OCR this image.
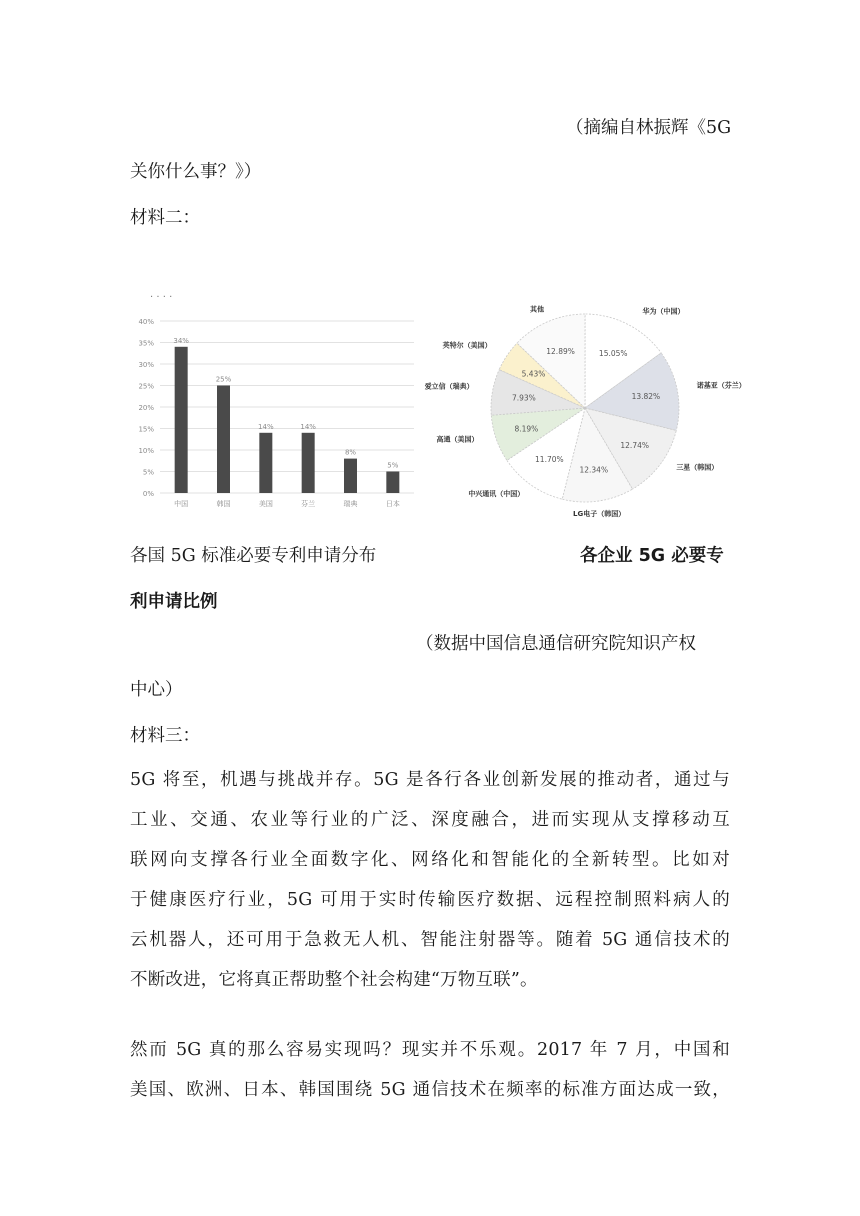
（摘编自林振辉《5G
关你什么事？》）
材料二：
· · · ·
0%
5%
10%
15%
20%
25%
30%
35%
40%
34%
中国
25%
韩国
14%
美国
14%
芬兰
8%
瑞典
5%
日本
15.05%
华为（中国）
13.82%
诺基亚（芬兰）
12.74%
三星（韩国）
12.34%
LG电子（韩国）
11.70%
中兴通讯（中国）
8.19%
高通（美国）
7.93%
爱立信（瑞典）
5.43%
英特尔（美国）
12.89%
其他
各国 5G 标准必要专利申请分布	各企业 5G 必要专
利申请比例
（数据中国信息通信研究院知识产权
中心）
材料三：
5G 将至，机遇与挑战并存。5G 是各行各业创新发展的推动者，通过与
工业、交通、农业等行业的广泛、深度融合，进而实现从支撑移动互
联网向支撑各行业全面数字化、网络化和智能化的全新转型。比如对
于健康医疗行业，5G 可用于实时传输医疗数据、远程控制照料病人的
云机器人，还可用于急救无人机、智能注射器等。随着 5G 通信技术的
不断改进，它将真正帮助整个社会构建“万物互联”。
然而 5G 真的那么容易实现吗？现实并不乐观。2017 年 7 月，中国和
美国、欧洲、日本、韩国围绕 5G 通信技术在频率的标准方面达成一致，
